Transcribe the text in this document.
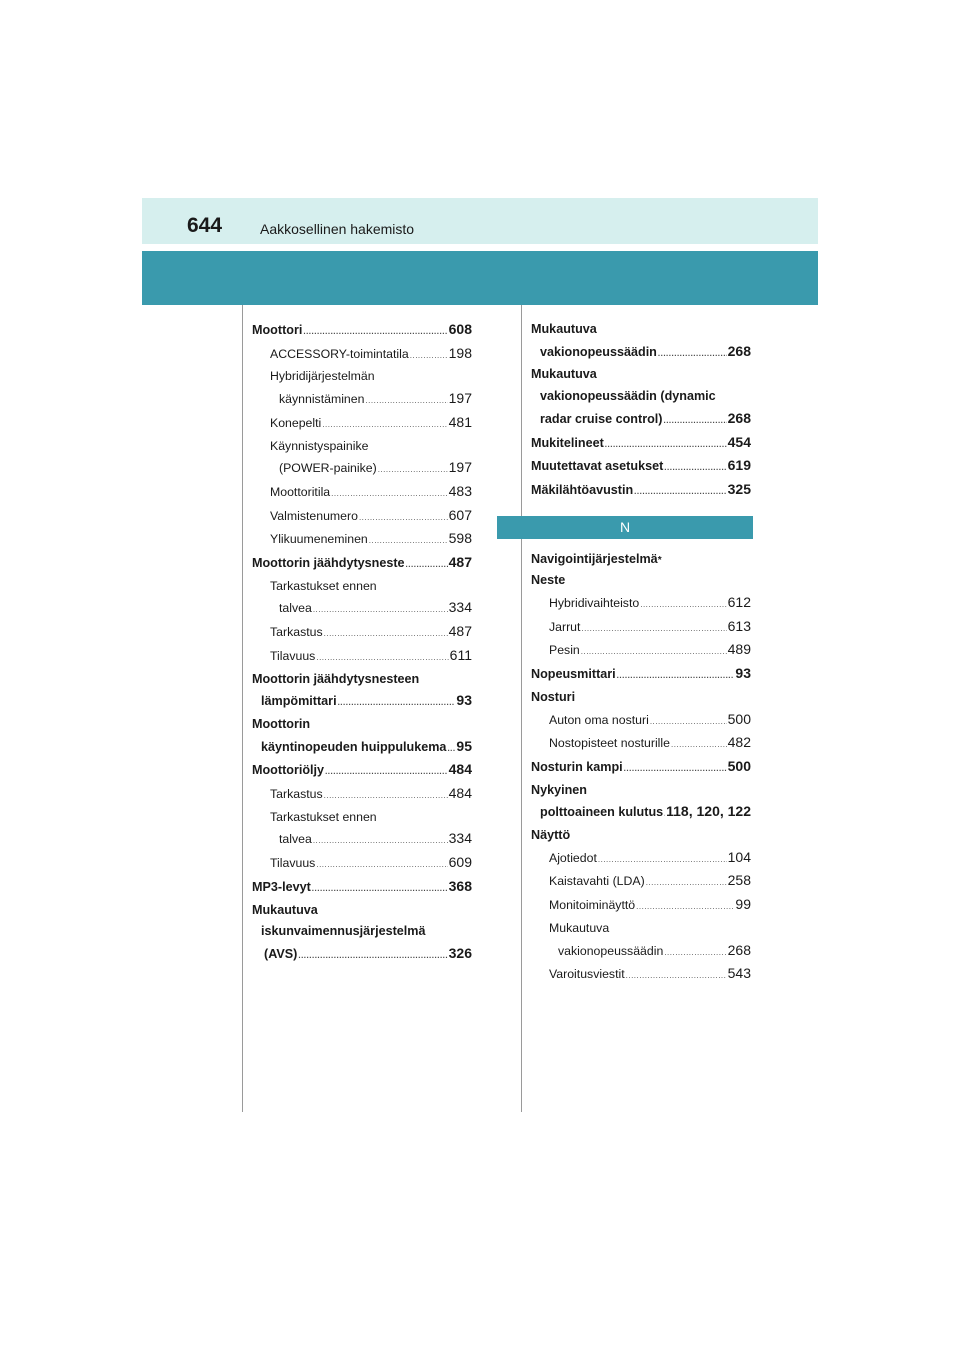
644	Aakkosellinen hakemisto
Moottori .....	608
ACCESSORY-toimintatila .....	198
Hybridijärjestelmän
käynnistäminen .....	197
Konepelti .....	481
Käynnistyspainike
(POWER-painike) .....	197
Moottoritila .....	483
Valmistenumero .....	607
Ylikuumeneminen .....	598
Moottorin jäähdytysneste .....	487
Tarkastukset ennen
talvea .....	334
Tarkastus .....	487
Tilavuus .....	611
Moottorin jäähdytysnesteen
lämpömittari .....	93
Moottorin
käyntinopeuden huippulukema ..... 95
Moottoriöljy .....	484
Tarkastus .....	484
Tarkastukset ennen
talvea .....	334
Tilavuus .....	609
MP3-levyt .....	368
Mukautuva
iskunvaimennusjärjestelmä
(AVS) .....	326
Mukautuva
vakionopeussäädin .....	268
Mukautuva
vakionopeussäädin (dynamic
radar cruise control) .....	268
Mukitelineet .....	454
Muutettavat asetukset .....	619
Mäkilähtöavustin .....	325
N
Navigointijärjestelmä *
Neste
Hybridivaihteisto .....	612
Jarrut .....	613
Pesin .....	489
Nopeusmittari .....	93
Nosturi
Auton oma nosturi .....	500
Nostopisteet nosturille .....	482
Nosturin kampi .....	500
Nykyinen
polttoaineen kulutus ..... 118, 120, 122
Näyttö
Ajotiedot .....	104
Kaistavahti (LDA) .....	258
Monitoiminäyttö .....	99
Mukautuva
vakionopeussäädin .....	268
Varoitusviestit .....	543
